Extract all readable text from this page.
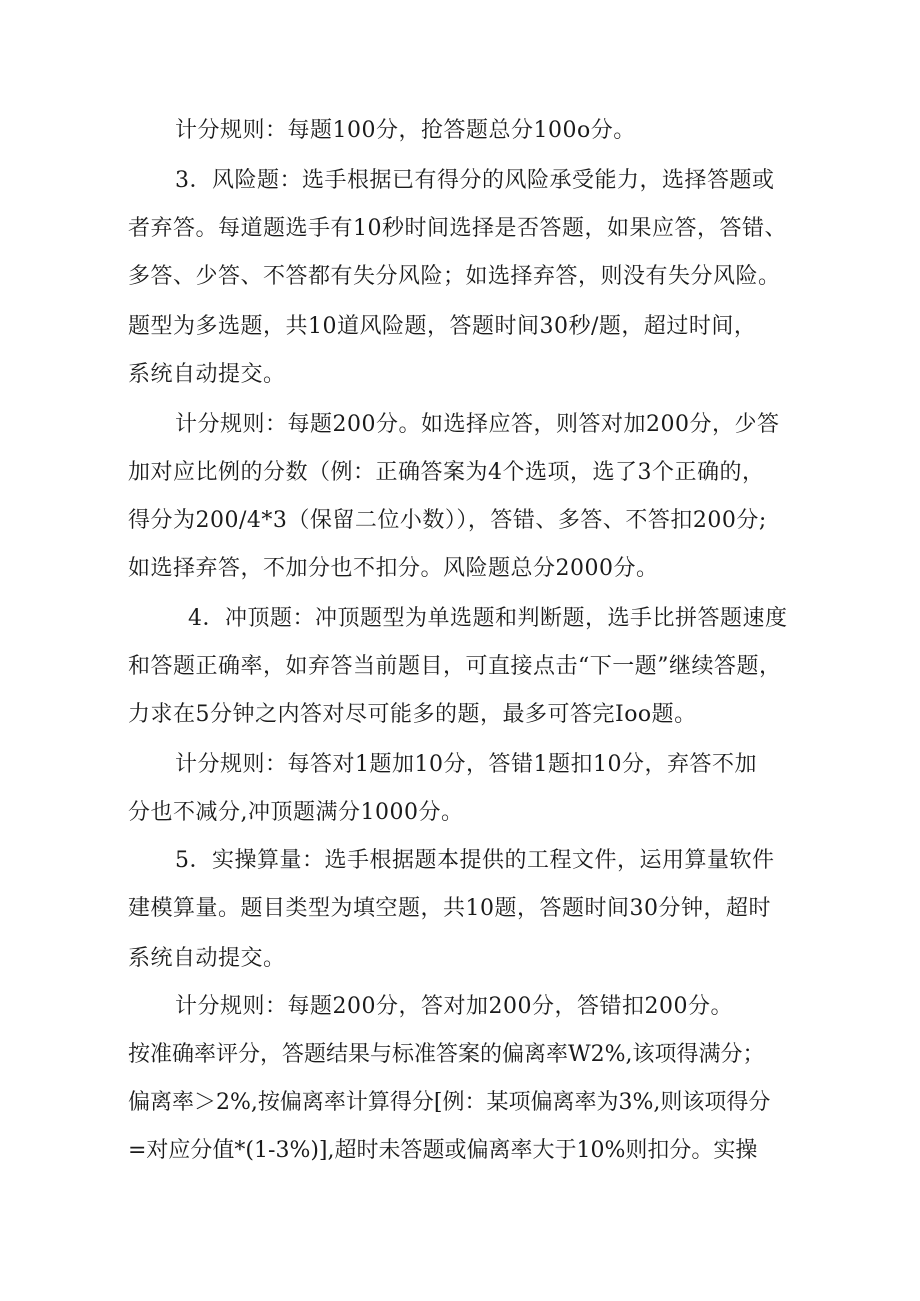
计分规则：每题100分，抢答题总分100o分。
3．风险题：选手根据已有得分的风险承受能力，选择答题或
者弃答。每道题选手有10秒时间选择是否答题，如果应答，答错、
多答、少答、不答都有失分风险；如选择弃答，则没有失分风险。
题型为多选题，共10道风险题，答题时间30秒/题，超过时间，
系统自动提交。
计分规则：每题200分。如选择应答，则答对加200分，少答
加对应比例的分数（例：正确答案为4个选项，选了3个正确的，
得分为200/4*3（保留二位小数）），答错、多答、不答扣200分;
如选择弃答，不加分也不扣分。风险题总分2000分。
4．冲顶题：冲顶题型为单选题和判断题，选手比拼答题速度
和答题正确率，如弃答当前题目，可直接点击“下一题”继续答题，
力求在5分钟之内答对尽可能多的题，最多可答完Ioo题。
计分规则：每答对1题加10分，答错1题扣10分，弃答不加
分也不减分,冲顶题满分1000分。
5．实操算量：选手根据题本提供的工程文件，运用算量软件
建模算量。题目类型为填空题，共10题，答题时间30分钟，超时
系统自动提交。
计分规则：每题200分，答对加200分，答错扣200分。
按准确率评分，答题结果与标准答案的偏离率W2%,该项得满分；
偏离率＞2%,按偏离率计算得分[例：某项偏离率为3%,则该项得分
=对应分值*(1-3%)],超时未答题或偏离率大于10%则扣分。实操
